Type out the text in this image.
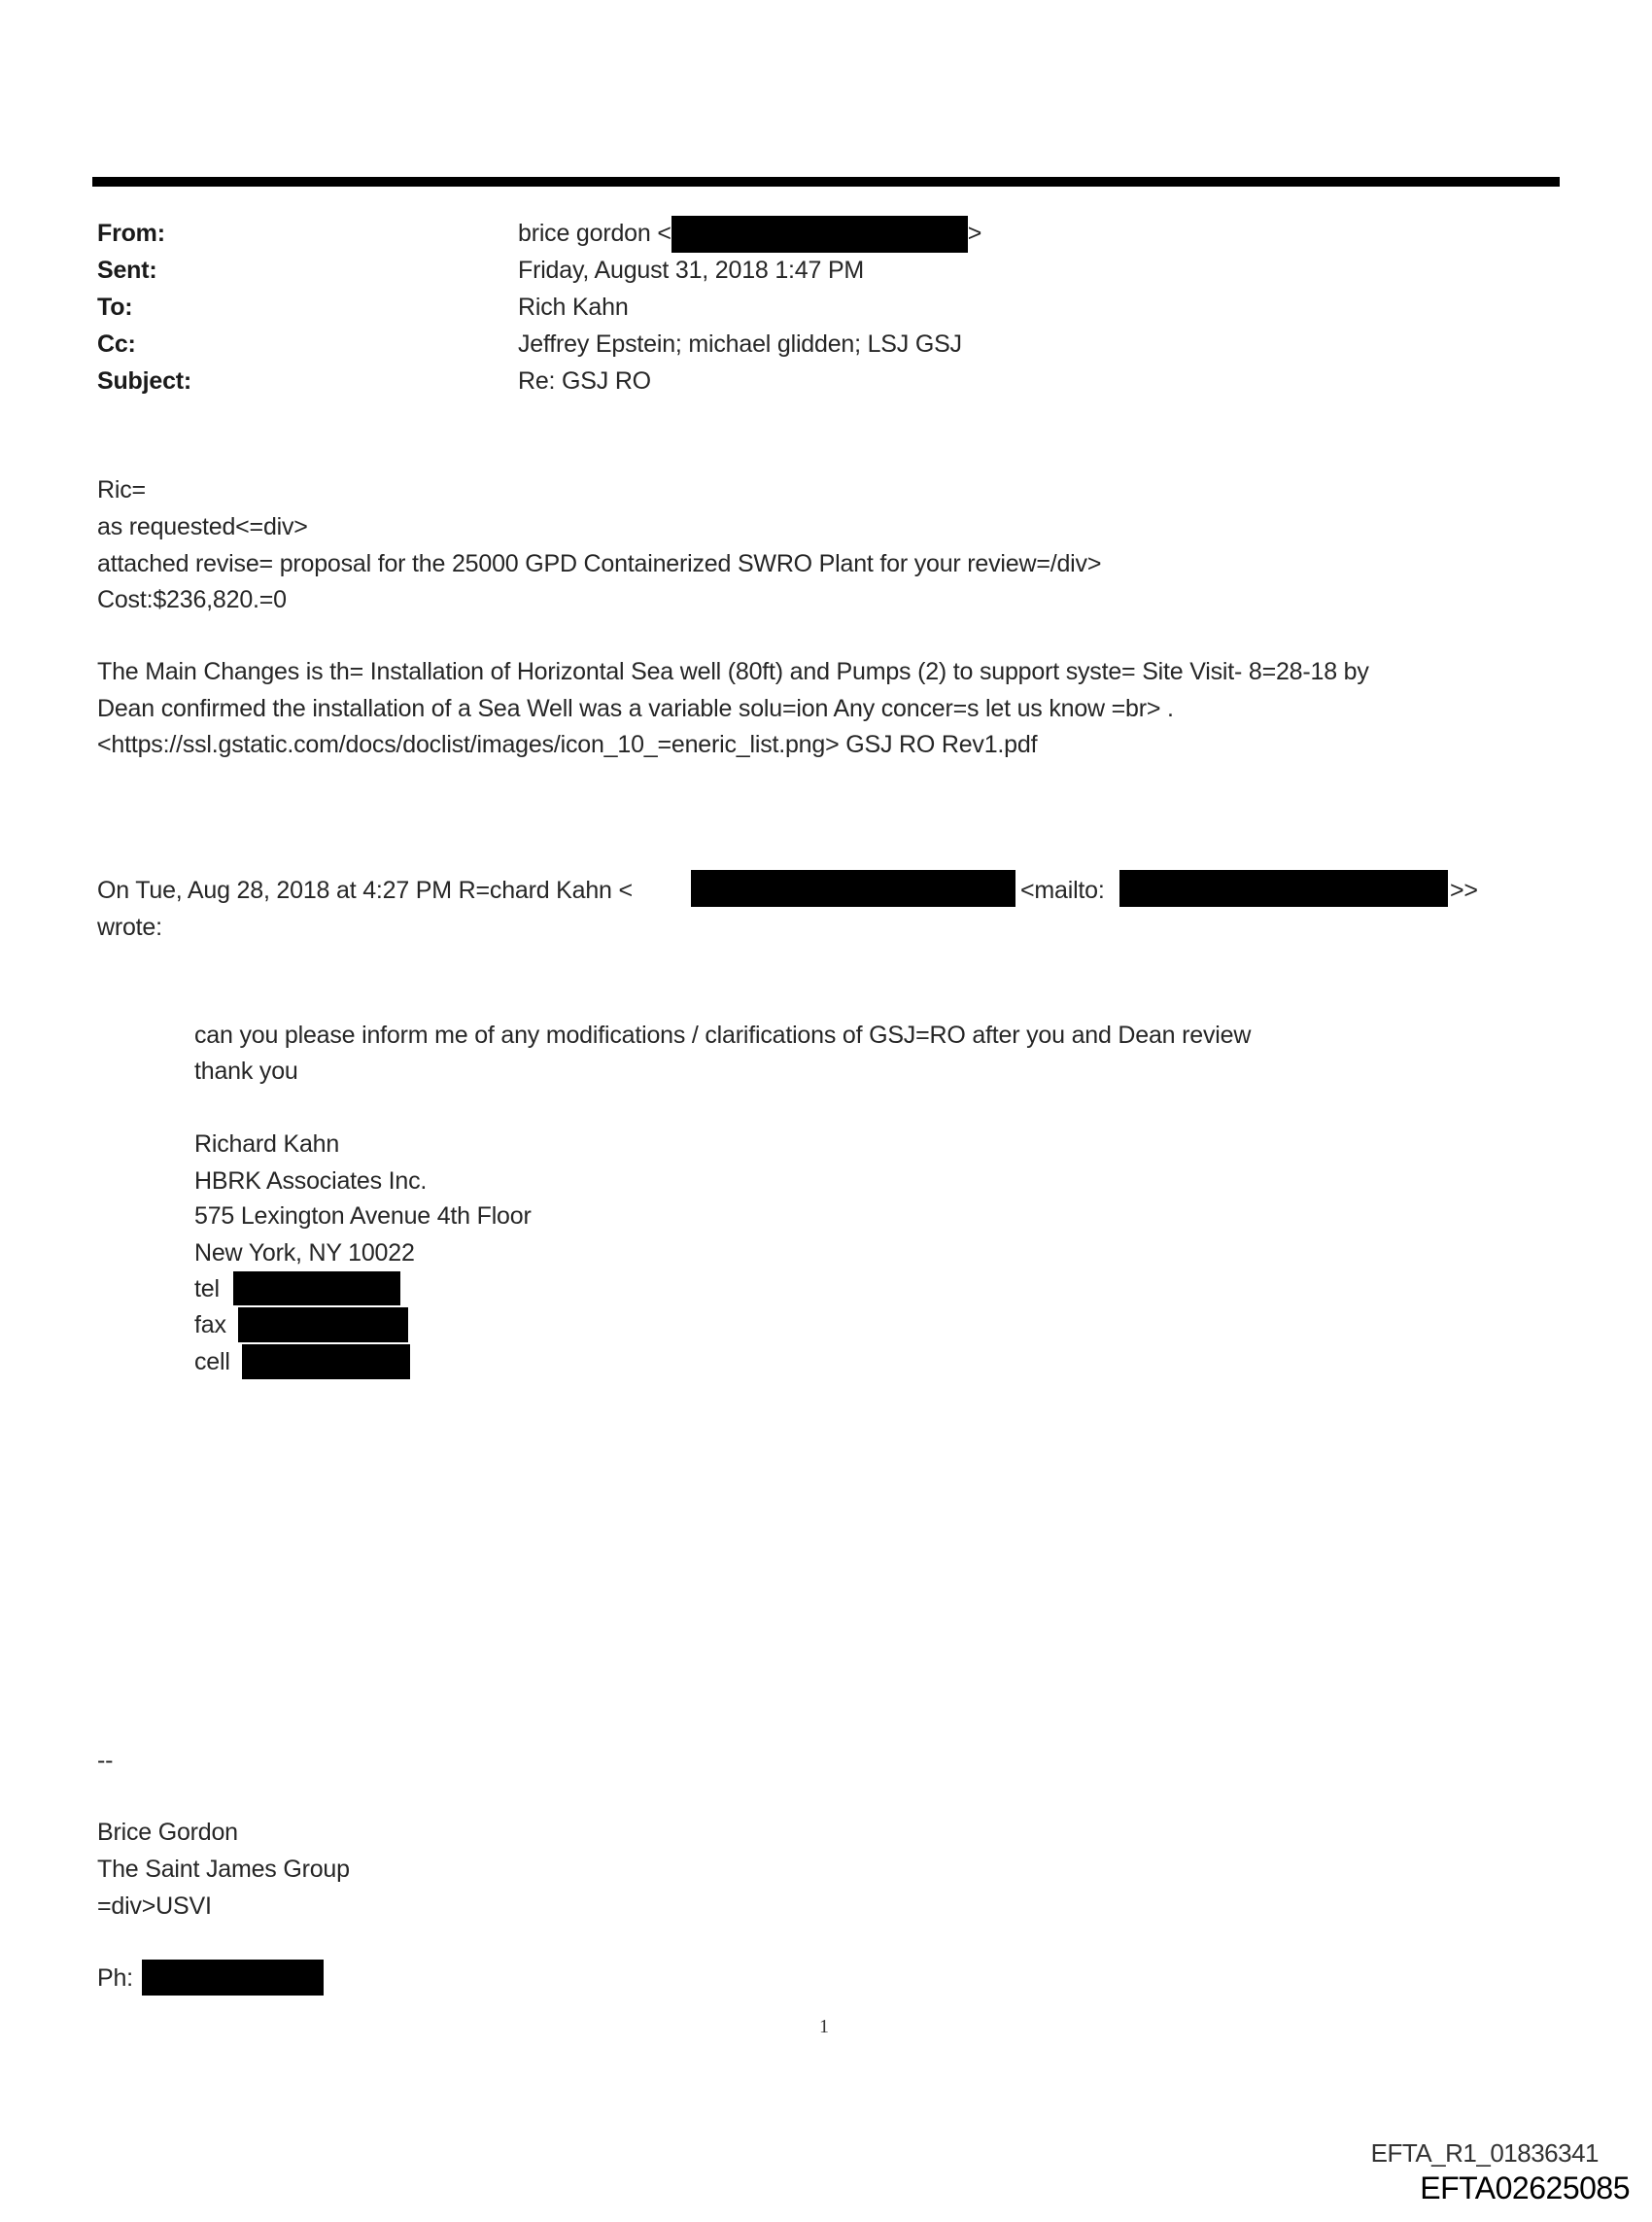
From:	brice gordon <	>
Sent:	Friday, August 31, 2018 1:47 PM
To:	Rich Kahn
Cc:	Jeffrey Epstein; michael glidden; LSJ GSJ
Subject:	Re: GSJ RO
Ric=
as requested<=div>
attached revise= proposal for the 25000 GPD Containerized SWRO Plant for your review=/div>
Cost:$236,820.=0
The Main Changes is th= Installation of Horizontal Sea well (80ft) and Pumps (2) to support syste= Site Visit- 8=28-18 by
Dean confirmed the installation of a Sea Well was a variable solu=ion Any concer=s let us know =br> .
<https://ssl.gstatic.com/docs/doclist/images/icon_10_=eneric_list.png> GSJ RO Rev1.pdf
On Tue, Aug 28, 2018 at 4:27 PM R=chard Kahn <	<mailto:	>>
wrote:
can you please inform me of any modifications / clarifications of GSJ=RO after you and Dean review
thank you
Richard Kahn
HBRK Associates Inc.
575 Lexington Avenue 4th Floor
New York, NY 10022
tel
fax
cell
--
Brice Gordon
The Saint James Group
=div>USVI
Ph:
1
EFTA_R1_01836341
EFTA02625085
